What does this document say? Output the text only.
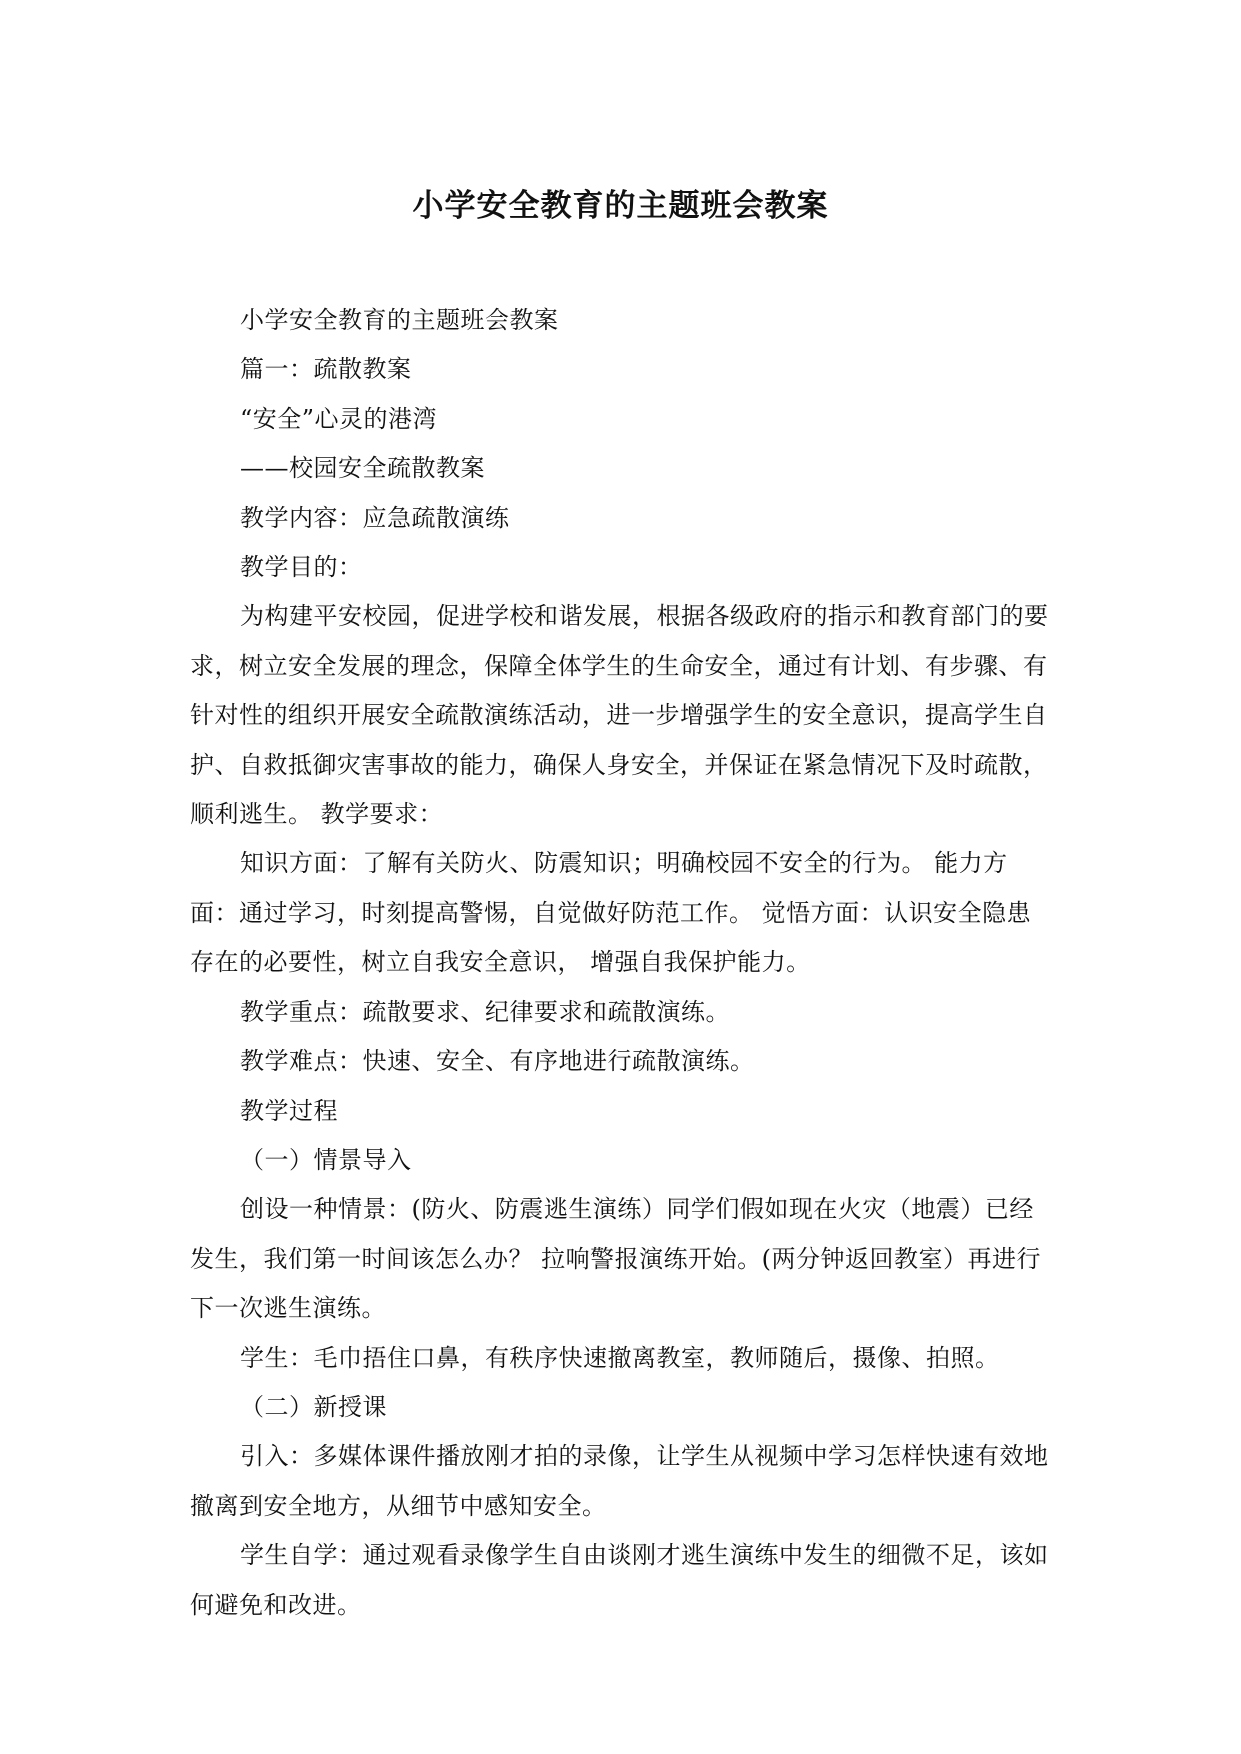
小学安全教育的主题班会教案

小学安全教育的主题班会教案

篇一：疏散教案

“安全”心灵的港湾

——校园安全疏散教案

教学内容：应急疏散演练

教学目的：

为构建平安校园，促进学校和谐发展，根据各级政府的指示和教育部门的要求，树立安全发展的理念，保障全体学生的生命安全，通过有计划、有步骤、有针对性的组织开展安全疏散演练活动，进一步增强学生的安全意识，提高学生自护、自救抵御灾害事故的能力，确保人身安全，并保证在紧急情况下及时疏散，顺利逃生。 教学要求：

知识方面：了解有关防火、防震知识；明确校园不安全的行为。 能力方面：通过学习，时刻提高警惕，自觉做好防范工作。 觉悟方面：认识安全隐患存在的必要性，树立自我安全意识， 增强自我保护能力。

教学重点：疏散要求、纪律要求和疏散演练。

教学难点：快速、安全、有序地进行疏散演练。

教学过程

（一）情景导入

创设一种情景：(防火、防震逃生演练）同学们假如现在火灾（地震）已经发生，我们第一时间该怎么办？ 拉响警报演练开始。(两分钟返回教室）再进行下一次逃生演练。

学生：毛巾捂住口鼻，有秩序快速撤离教室，教师随后，摄像、拍照。

（二）新授课

引入：多媒体课件播放刚才拍的录像，让学生从视频中学习怎样快速有效地撤离到安全地方，从细节中感知安全。

学生自学：通过观看录像学生自由谈刚才逃生演练中发生的细微不足，该如何避免和改进。
